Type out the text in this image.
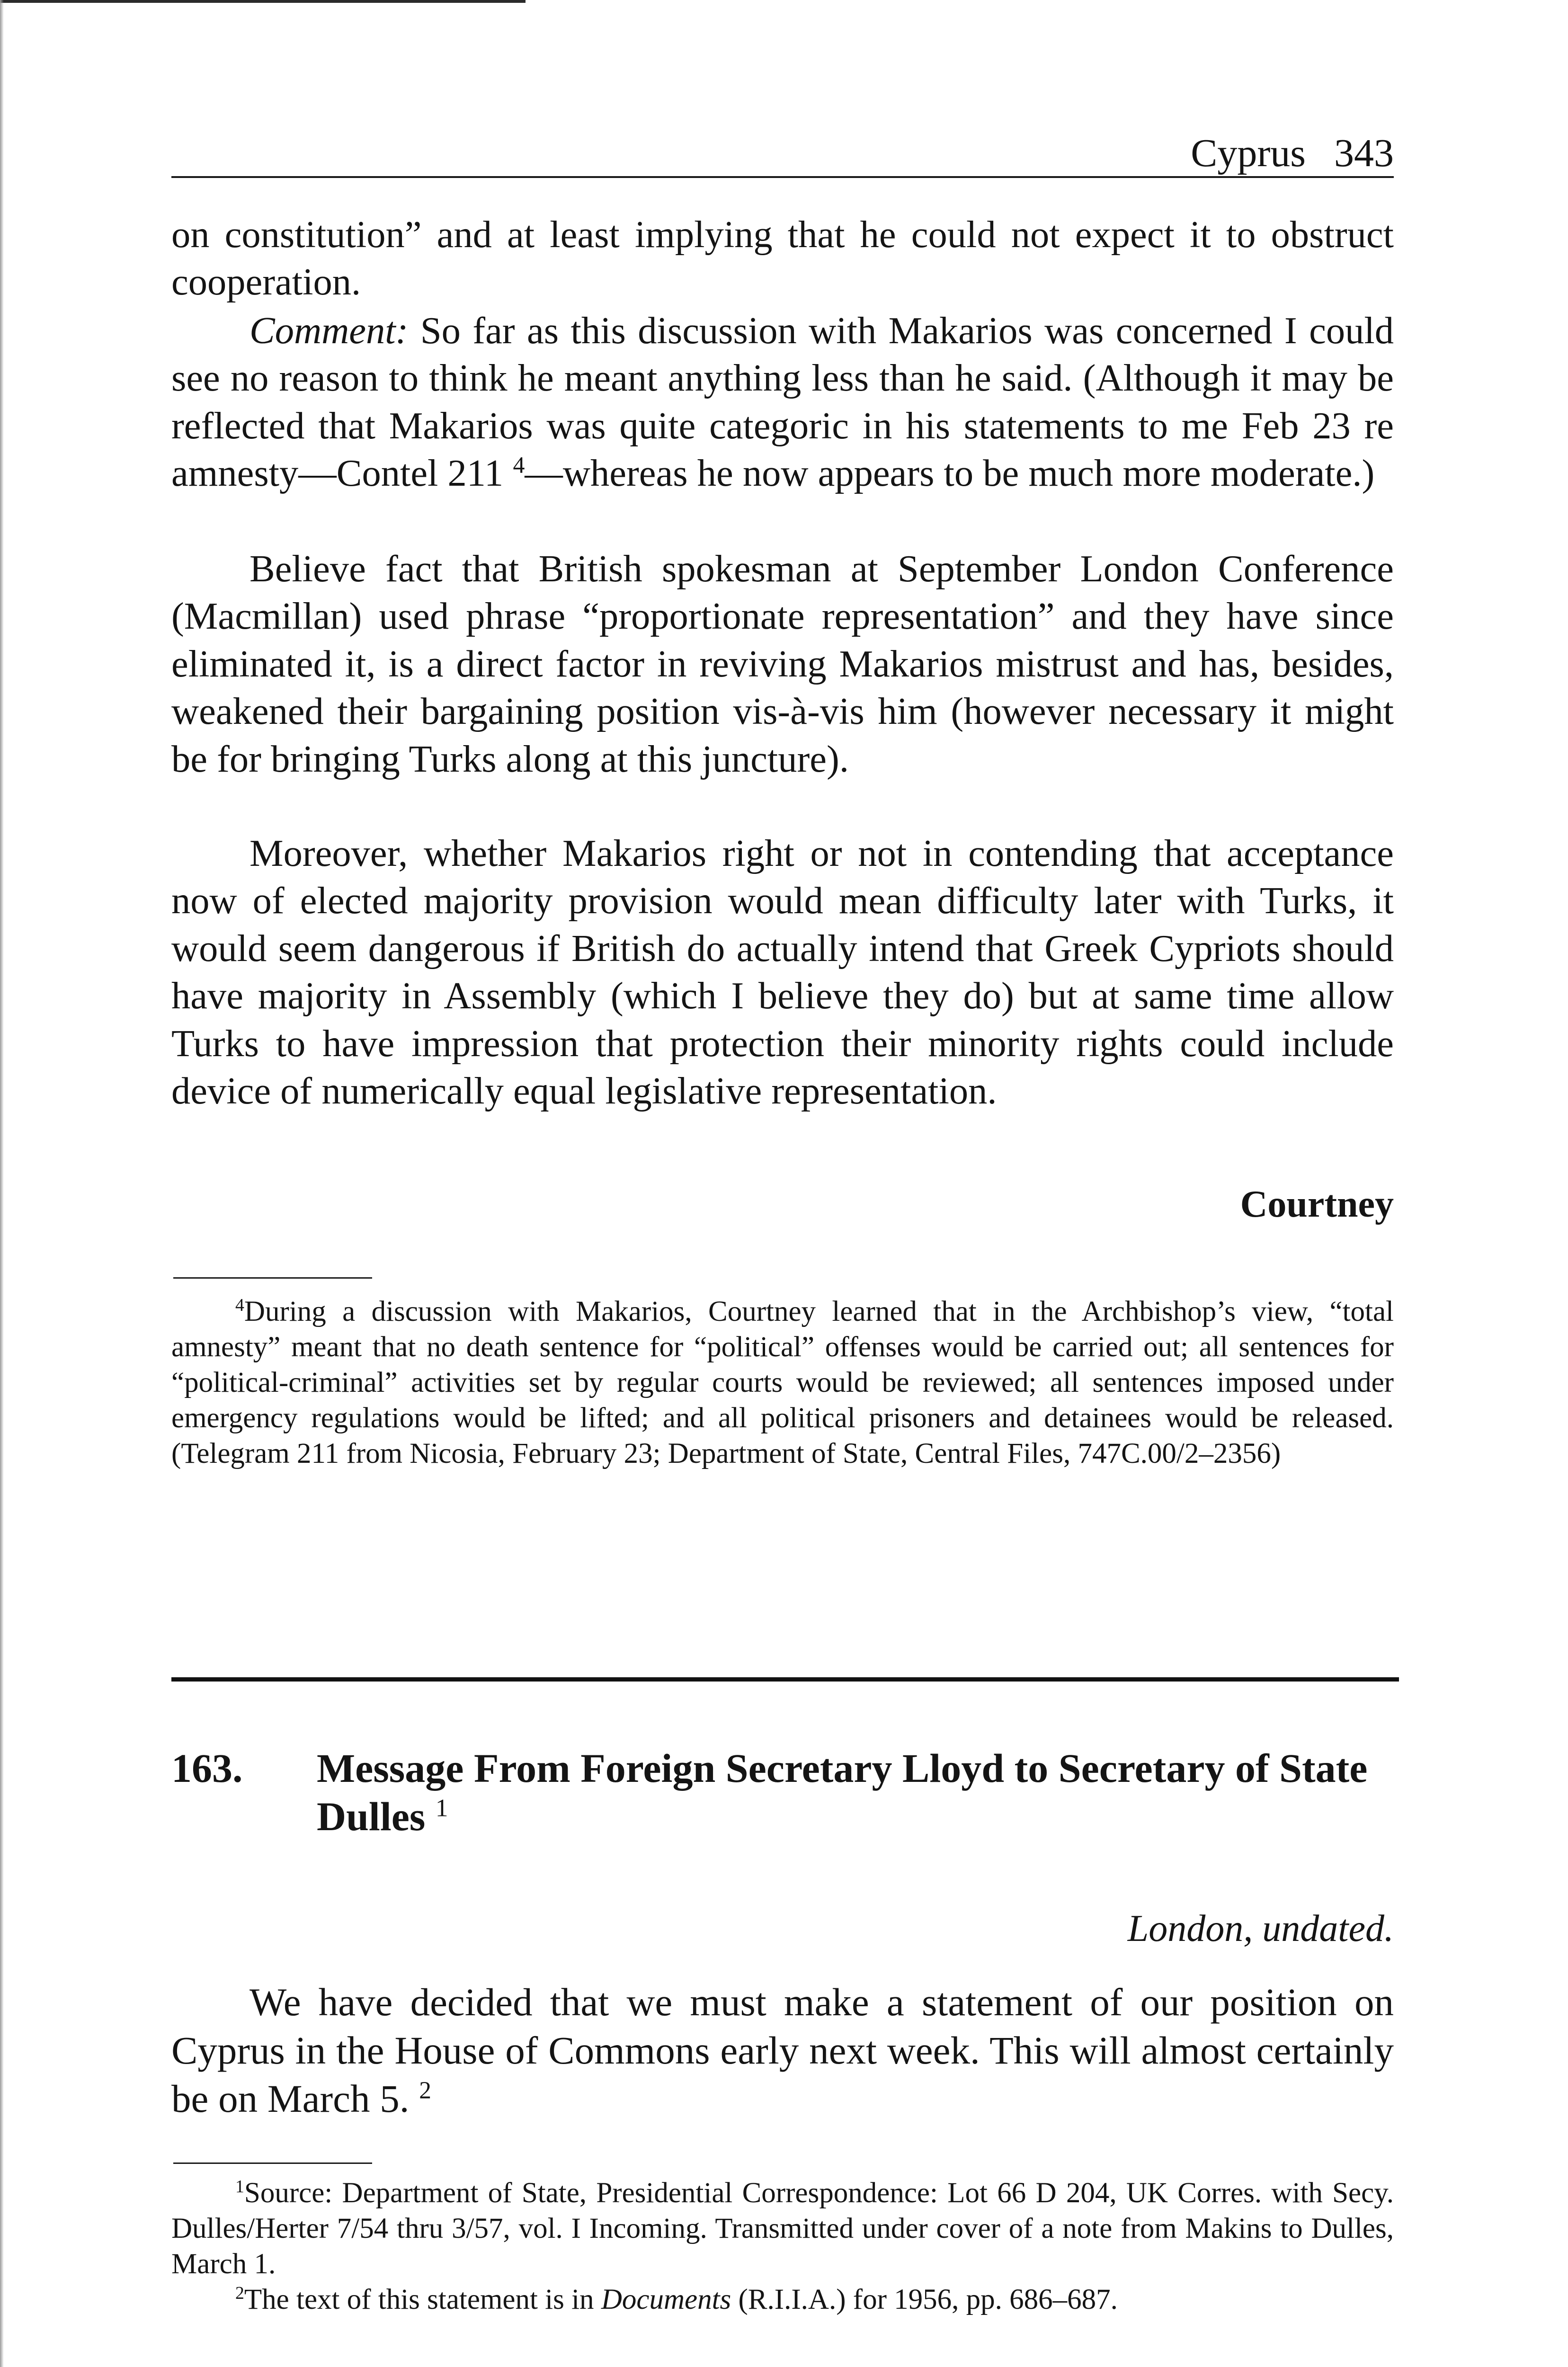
Cyprus 343

on constitution” and at least implying that he could not expect it to obstruct cooperation.

Comment: So far as this discussion with Makarios was concerned I could see no reason to think he meant anything less than he said. (Although it may be reflected that Makarios was quite categoric in his statements to me Feb 23 re amnesty—Contel 211 $^4$—whereas he now appears to be much more moderate.)

Believe fact that British spokesman at September London Conference (Macmillan) used phrase “proportionate representation” and they have since eliminated it, is a direct factor in reviving Makarios mistrust and has, besides, weakened their bargaining position vis-à-vis him (however necessary it might be for bringing Turks along at this juncture).

Moreover, whether Makarios right or not in contending that acceptance now of elected majority provision would mean difficulty later with Turks, it would seem dangerous if British do actually intend that Greek Cypriots should have majority in Assembly (which I believe they do) but at same time allow Turks to have impression that protection their minority rights could include device of numerically equal legislative representation.

Courtney

$^4$During a discussion with Makarios, Courtney learned that in the Archbishop’s view, “total amnesty” meant that no death sentence for “political” offenses would be carried out; all sentences for “political-criminal” activities set by regular courts would be reviewed; all sentences imposed under emergency regulations would be lifted; and all political prisoners and detainees would be released. (Telegram 211 from Nicosia, February 23; Department of State, Central Files, 747C.00/2–2356)

163. Message From Foreign Secretary Lloyd to Secretary of State Dulles $^1$

London, undated.

We have decided that we must make a statement of our position on Cyprus in the House of Commons early next week. This will almost certainly be on March 5. $^2$

$^1$Source: Department of State, Presidential Correspondence: Lot 66 D 204, UK Corres. with Secy. Dulles/Herter 7/54 thru 3/57, vol. I Incoming. Transmitted under cover of a note from Makins to Dulles, March 1.

$^2$The text of this statement is in Documents (R.I.I.A.) for 1956, pp. 686–687.
